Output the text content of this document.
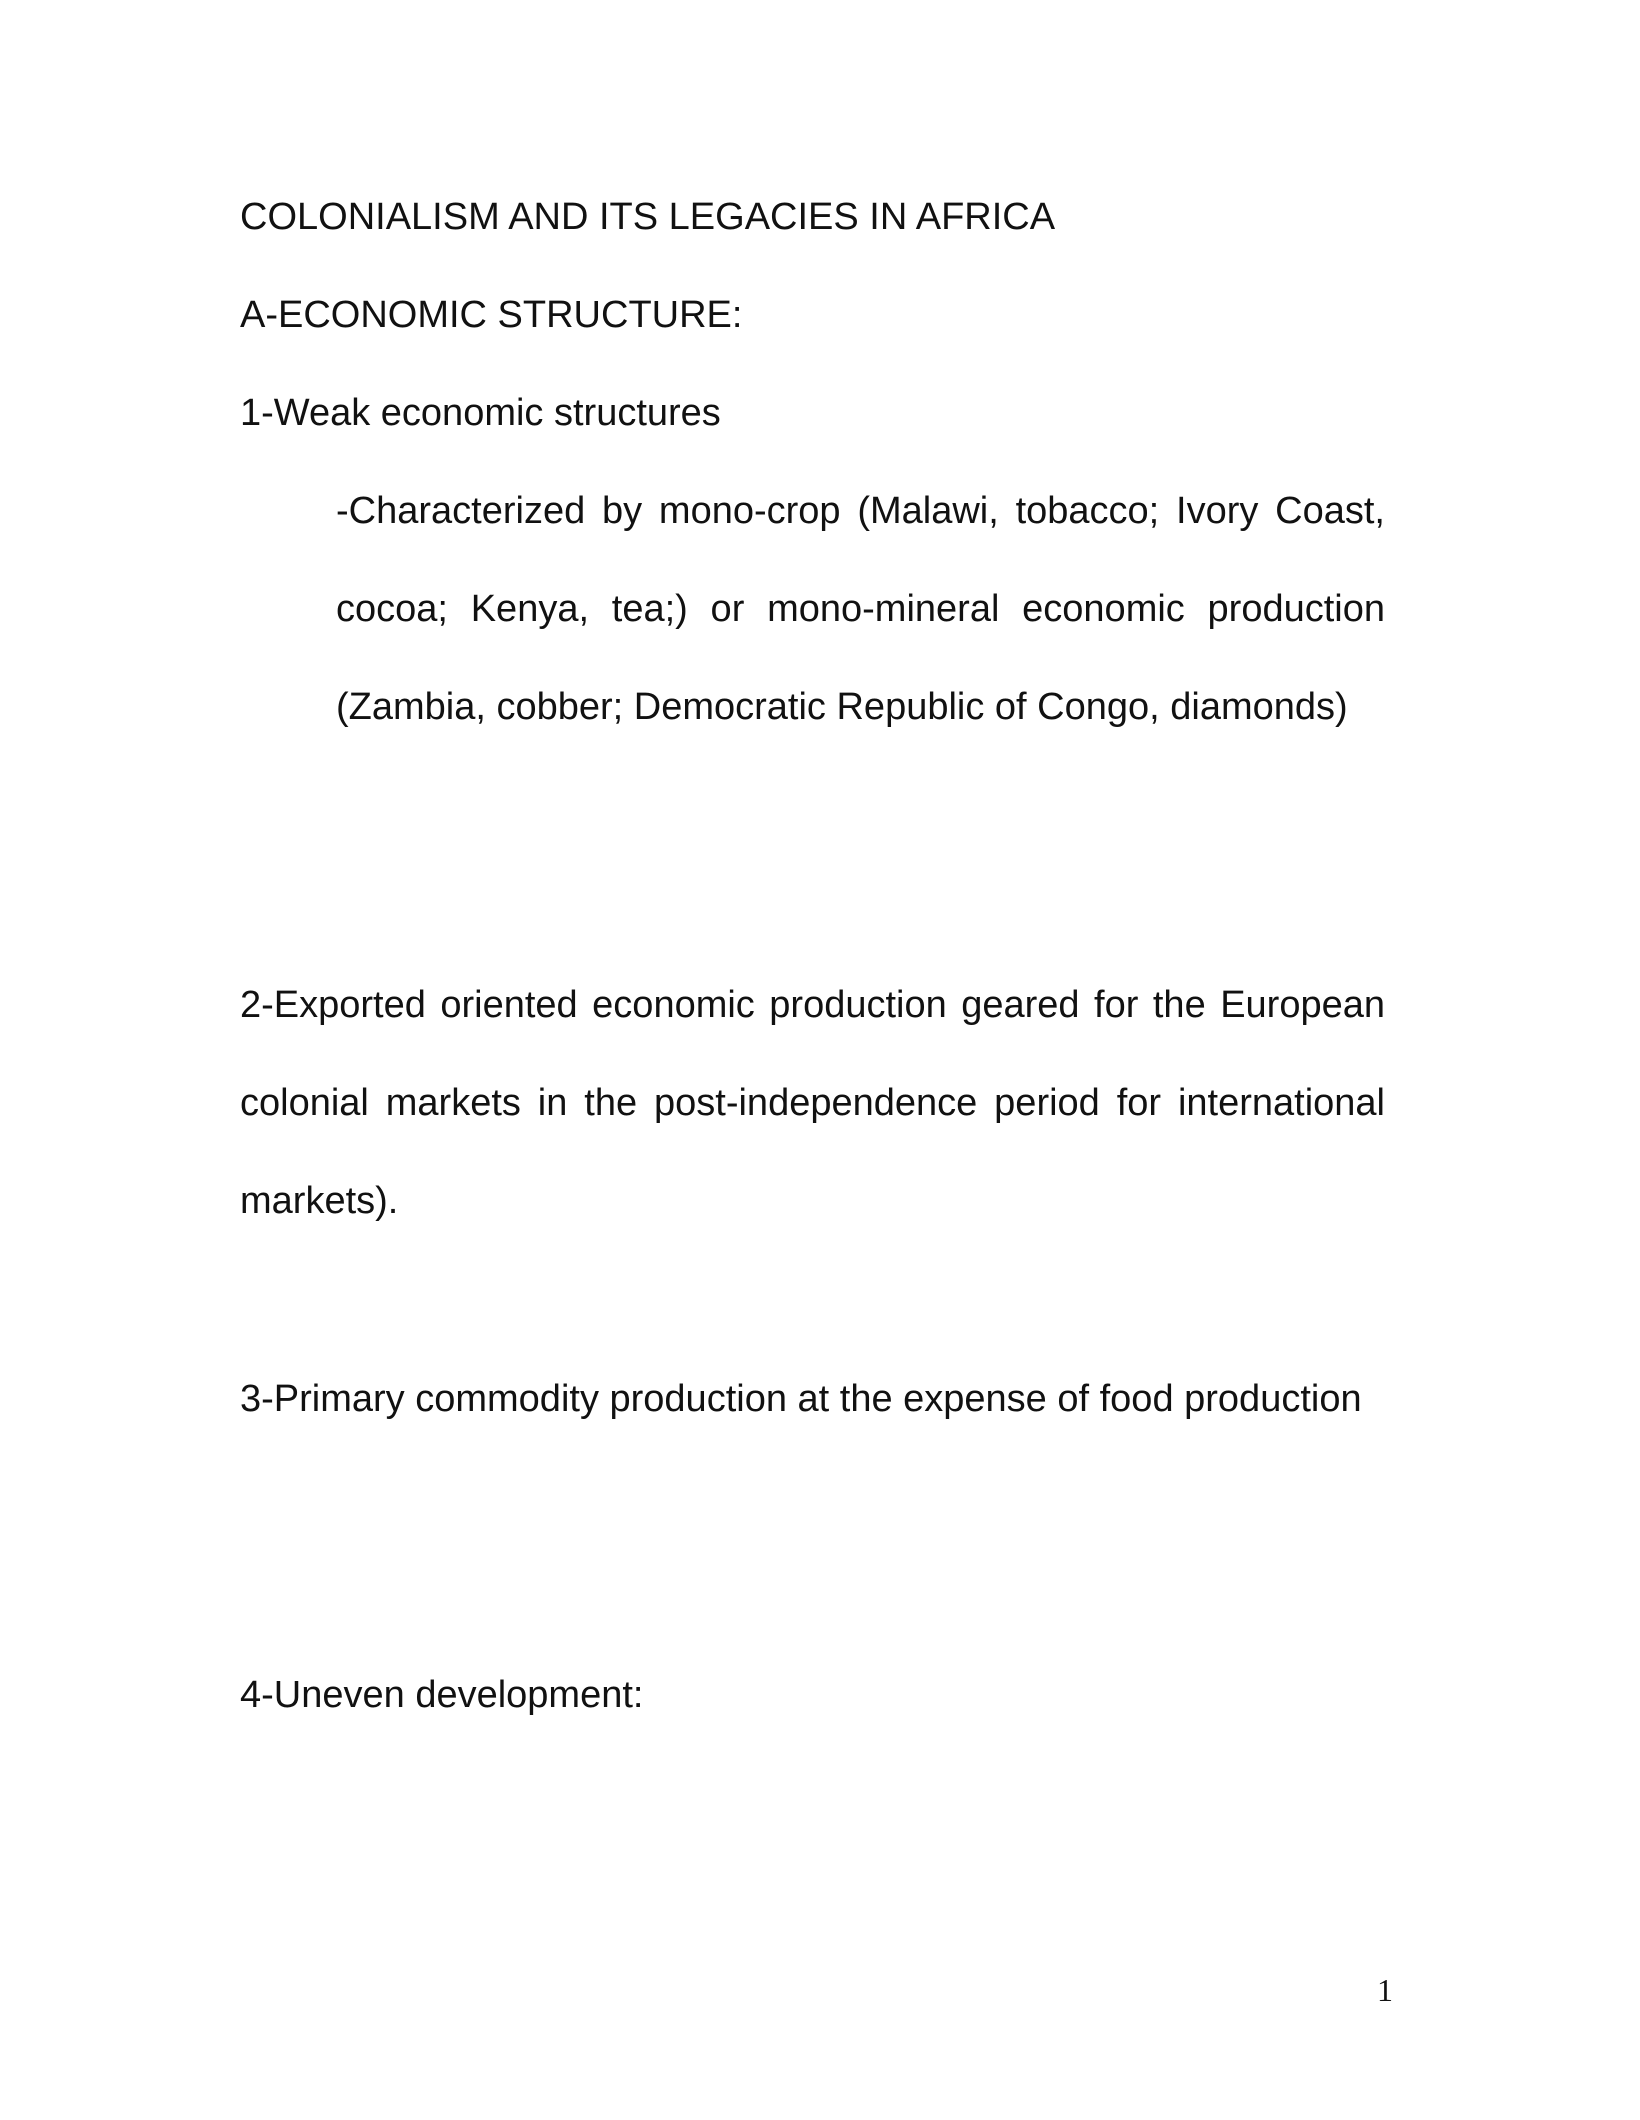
COLONIALISM AND ITS LEGACIES IN AFRICA

A-ECONOMIC STRUCTURE:

1-Weak economic structures

-Characterized by mono-crop (Malawi, tobacco; Ivory Coast, cocoa; Kenya, tea;) or mono-mineral economic production (Zambia, cobber; Democratic Republic of Congo, diamonds)

2-Exported oriented economic production geared for the European colonial markets in the post-independence period for international markets).

3-Primary commodity production at the expense of food production

4-Uneven development:

1
